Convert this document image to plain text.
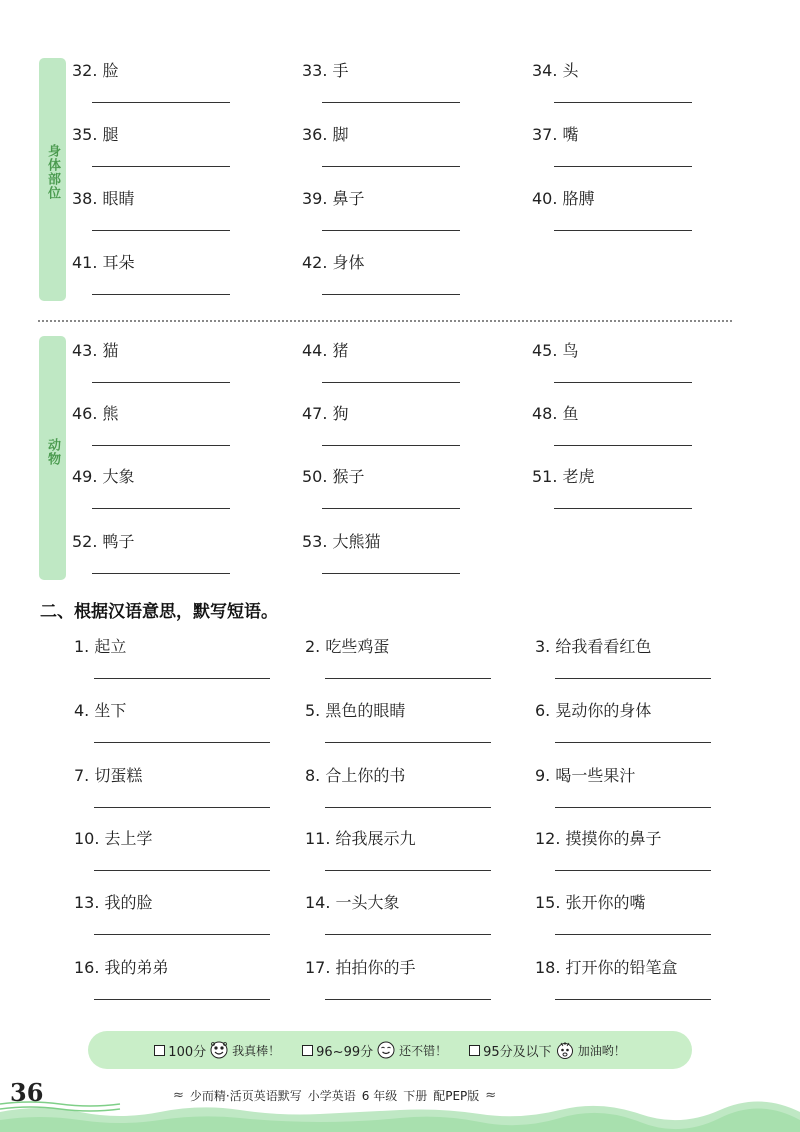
身体部位
动物
32. 脸	33. 手	34. 头
35. 腿	36. 脚	37. 嘴
38. 眼睛	39. 鼻子	40. 胳膊
41. 耳朵	42. 身体
43. 猫	44. 猪	45. 鸟
46. 熊	47. 狗	48. 鱼
49. 大象	50. 猴子	51. 老虎
52. 鸭子	53. 大熊猫
二、根据汉语意思，默写短语。
1. 起立	2. 吃些鸡蛋	3. 给我看看红色
4. 坐下	5. 黑色的眼睛	6. 晃动你的身体
7. 切蛋糕	8. 合上你的书	9. 喝一些果汁
10. 去上学	11. 给我展示九	12. 摸摸你的鼻子
13. 我的脸	14. 一头大象	15. 张开你的嘴
16. 我的弟弟	17. 拍拍你的手	18. 打开你的铅笔盒
100分 我真棒！	96~99分 还不错！	95分及以下 加油哟！
36	≈ 少而精·活页英语默写 小学英语 6 年级 下册 配PEP版 ≈
